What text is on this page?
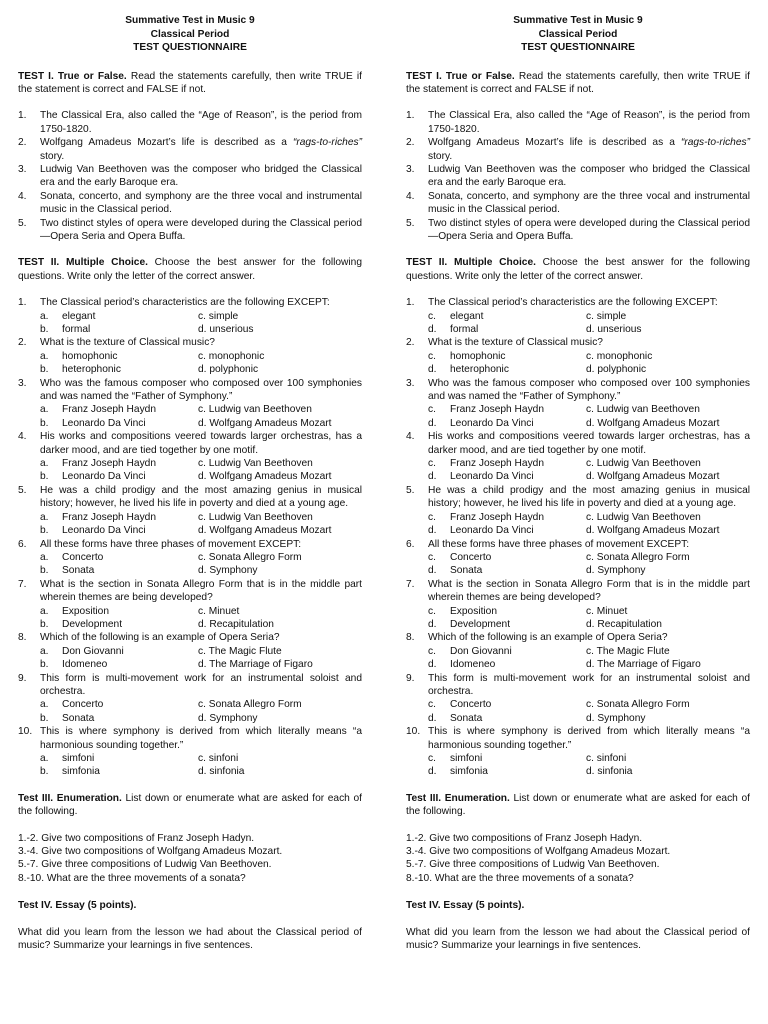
Summative Test in Music 9
Classical Period
TEST QUESTIONNAIRE
TEST I. True or False. Read the statements carefully, then write TRUE if the statement is correct and FALSE if not.
1. The Classical Era, also called the “Age of Reason”, is the period from 1750-1820.
2. Wolfgang Amadeus Mozart’s life is described as a “rags-to-riches” story.
3. Ludwig Van Beethoven was the composer who bridged the Classical era and the early Baroque era.
4. Sonata, concerto, and symphony are the three vocal and instrumental music in the Classical period.
5. Two distinct styles of opera were developed during the Classical period—Opera Seria and Opera Buffa.
TEST II. Multiple Choice. Choose the best answer for the following questions. Write only the letter of the correct answer.
1. The Classical period’s characteristics are the following EXCEPT:
a. elegant	c. simple
b. formal	d. unserious
2. What is the texture of Classical music?
a. homophonic	c. monophonic
b. heterophonic	d. polyphonic
3. Who was the famous composer who composed over 100 symphonies and was named the “Father of Symphony.”
a. Franz Joseph Haydn	c. Ludwig van Beethoven
b. Leonardo Da Vinci	d. Wolfgang Amadeus Mozart
4. His works and compositions veered towards larger orchestras, has a darker mood, and are tied together by one motif.
a. Franz Joseph Haydn	c. Ludwig Van Beethoven
b. Leonardo Da Vinci	d. Wolfgang Amadeus Mozart
5. He was a child prodigy and the most amazing genius in musical history; however, he lived his life in poverty and died at a young age.
a. Franz Joseph Haydn	c. Ludwig Van Beethoven
b. Leonardo Da Vinci	d. Wolfgang Amadeus Mozart
6. All these forms have three phases of movement EXCEPT:
a. Concerto	c. Sonata Allegro Form
b. Sonata	d. Symphony
7. What is the section in Sonata Allegro Form that is in the middle part wherein themes are being developed?
a. Exposition	c. Minuet
b. Development	d. Recapitulation
8. Which of the following is an example of Opera Seria?
a. Don Giovanni	c. The Magic Flute
b. Idomeneo	d. The Marriage of Figaro
9. This form is multi-movement work for an instrumental soloist and orchestra.
a. Concerto	c. Sonata Allegro Form
b. Sonata	d. Symphony
10. This is where symphony is derived from which literally means “a harmonious sounding together.”
a. simfoni	c. sinfoni
b. simfonia	d. sinfonia
Test III. Enumeration. List down or enumerate what are asked for each of the following.
1.-2. Give two compositions of Franz Joseph Hadyn.
3.-4. Give two compositions of Wolfgang Amadeus Mozart.
5.-7. Give three compositions of Ludwig Van Beethoven.
8.-10. What are the three movements of a sonata?
Test IV. Essay (5 points).
What did you learn from the lesson we had about the Classical period of music? Summarize your learnings in five sentences.
Summative Test in Music 9
Classical Period
TEST QUESTIONNAIRE
TEST I. True or False. Read the statements carefully, then write TRUE if the statement is correct and FALSE if not.
1. The Classical Era, also called the “Age of Reason”, is the period from 1750-1820.
2. Wolfgang Amadeus Mozart’s life is described as a “rags-to-riches” story.
3. Ludwig Van Beethoven was the composer who bridged the Classical era and the early Baroque era.
4. Sonata, concerto, and symphony are the three vocal and instrumental music in the Classical period.
5. Two distinct styles of opera were developed during the Classical period—Opera Seria and Opera Buffa.
TEST II. Multiple Choice. Choose the best answer for the following questions. Write only the letter of the correct answer.
1. The Classical period’s characteristics are the following EXCEPT:
c. elegant	c. simple
d. formal	d. unserious
2. What is the texture of Classical music?
c. homophonic	c. monophonic
d. heterophonic	d. polyphonic
3. Who was the famous composer who composed over 100 symphonies and was named the “Father of Symphony.”
c. Franz Joseph Haydn	c. Ludwig van Beethoven
d. Leonardo Da Vinci	d. Wolfgang Amadeus Mozart
4. His works and compositions veered towards larger orchestras, has a darker mood, and are tied together by one motif.
c. Franz Joseph Haydn	c. Ludwig Van Beethoven
d. Leonardo Da Vinci	d. Wolfgang Amadeus Mozart
5. He was a child prodigy and the most amazing genius in musical history; however, he lived his life in poverty and died at a young age.
c. Franz Joseph Haydn	c. Ludwig Van Beethoven
d. Leonardo Da Vinci	d. Wolfgang Amadeus Mozart
6. All these forms have three phases of movement EXCEPT:
c. Concerto	c. Sonata Allegro Form
d. Sonata	d. Symphony
7. What is the section in Sonata Allegro Form that is in the middle part wherein themes are being developed?
c. Exposition	c. Minuet
d. Development	d. Recapitulation
8. Which of the following is an example of Opera Seria?
c. Don Giovanni	c. The Magic Flute
d. Idomeneo	d. The Marriage of Figaro
9. This form is multi-movement work for an instrumental soloist and orchestra.
c. Concerto	c. Sonata Allegro Form
d. Sonata	d. Symphony
10. This is where symphony is derived from which literally means “a harmonious sounding together.”
c. simfoni	c. sinfoni
d. simfonia	d. sinfonia
Test III. Enumeration. List down or enumerate what are asked for each of the following.
1.-2. Give two compositions of Franz Joseph Hadyn.
3.-4. Give two compositions of Wolfgang Amadeus Mozart.
5.-7. Give three compositions of Ludwig Van Beethoven.
8.-10. What are the three movements of a sonata?
Test IV. Essay (5 points).
What did you learn from the lesson we had about the Classical period of music? Summarize your learnings in five sentences.
